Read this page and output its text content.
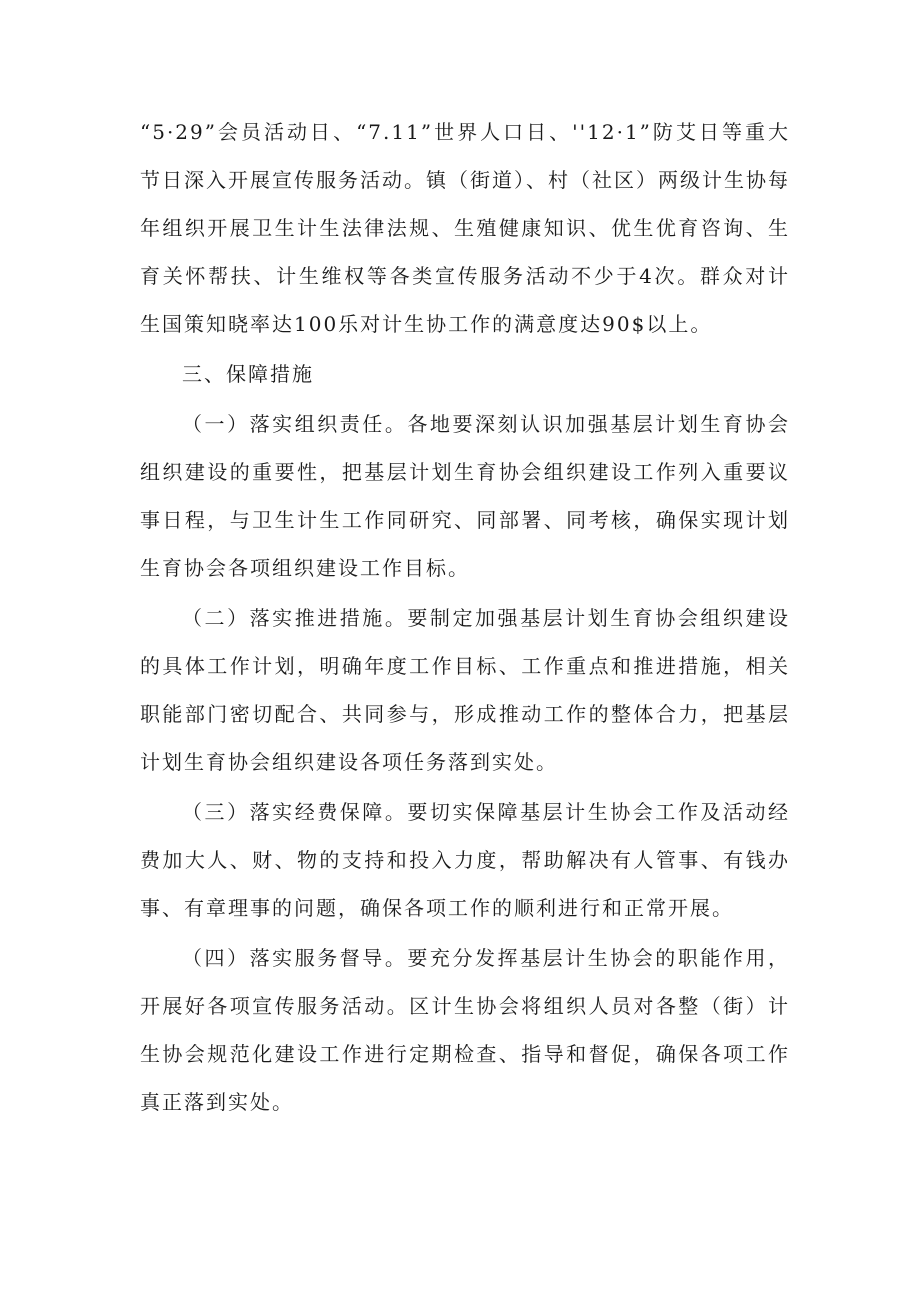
“5·29”会员活动日、“7.11”世界人口日、''12·1”防艾日等重大节日深入开展宣传服务活动。镇（街道）、村（社区）两级计生协每年组织开展卫生计生法律法规、生殖健康知识、优生优育咨询、生育关怀帮扶、计生维权等各类宣传服务活动不少于4次。群众对计生国策知晓率达100乐对计生协工作的满意度达90$以上。

三、保障措施

（一）落实组织责任。各地要深刻认识加强基层计划生育协会组织建设的重要性，把基层计划生育协会组织建设工作列入重要议事日程，与卫生计生工作同研究、同部署、同考核，确保实现计划生育协会各项组织建设工作目标。

（二）落实推进措施。要制定加强基层计划生育协会组织建设的具体工作计划，明确年度工作目标、工作重点和推进措施，相关职能部门密切配合、共同参与，形成推动工作的整体合力，把基层计划生育协会组织建设各项任务落到实处。

（三）落实经费保障。要切实保障基层计生协会工作及活动经费加大人、财、物的支持和投入力度，帮助解决有人管事、有钱办事、有章理事的问题，确保各项工作的顺利进行和正常开展。

（四）落实服务督导。要充分发挥基层计生协会的职能作用，开展好各项宣传服务活动。区计生协会将组织人员对各整（街）计生协会规范化建设工作进行定期检查、指导和督促，确保各项工作真正落到实处。
